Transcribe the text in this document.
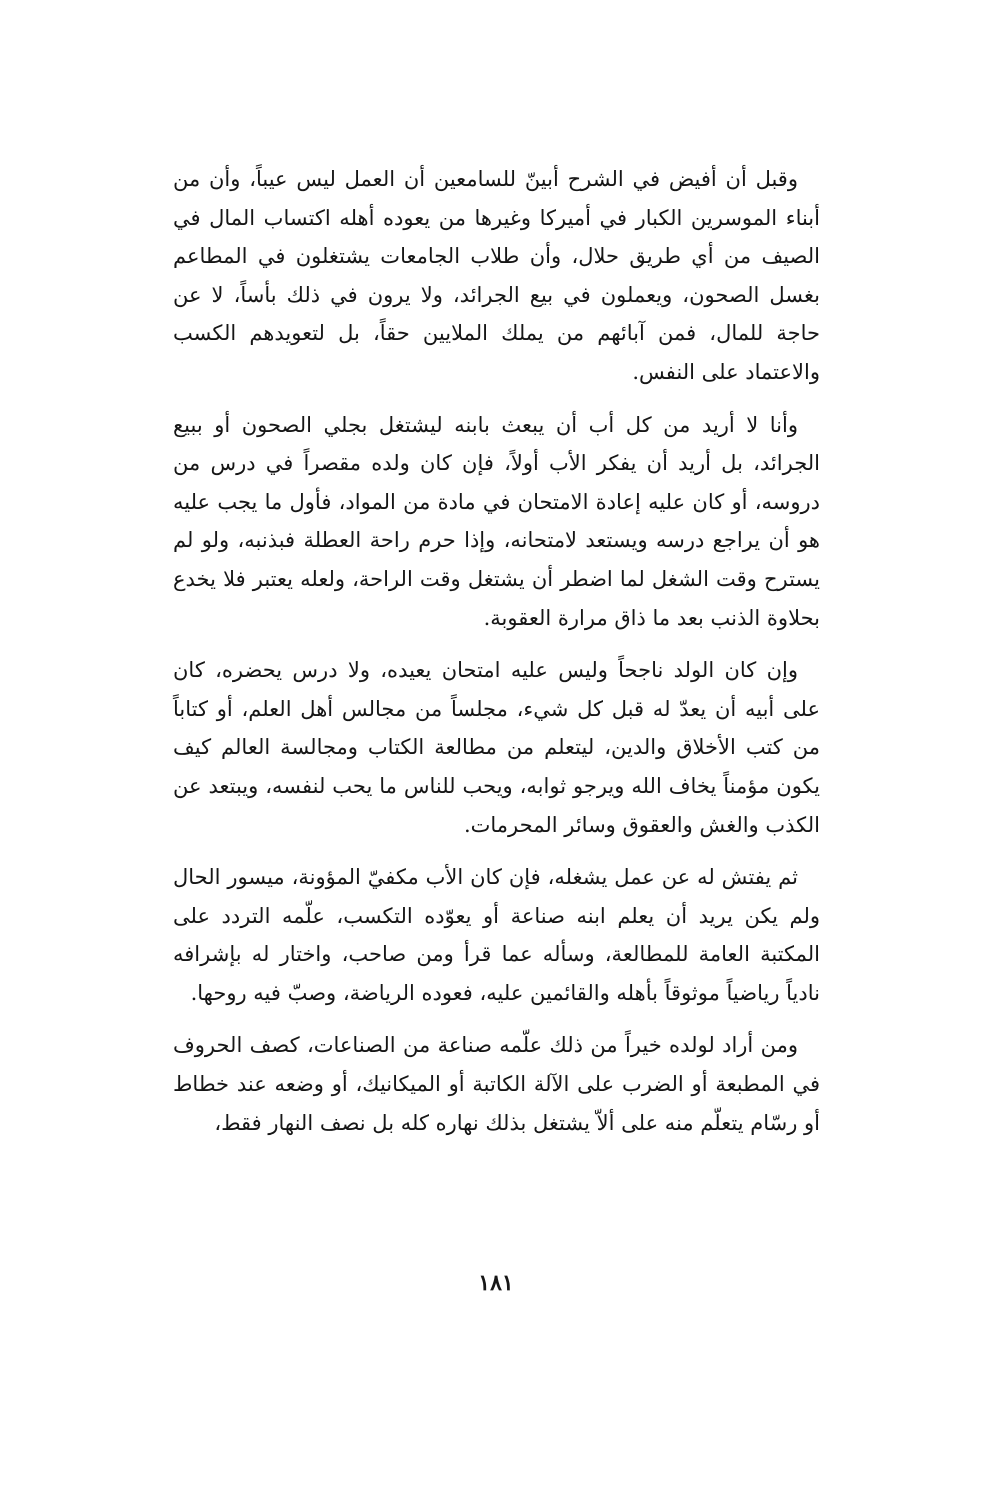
وقبل أن أفيض في الشرح أبينّ للسامعين أن العمل ليس عيباً، وأن من أبناء الموسرين الكبار في أميركا وغيرها من يعوده أهله اكتساب المال في الصيف من أي طريق حلال، وأن طلاب الجامعات يشتغلون في المطاعم بغسل الصحون، ويعملون في بيع الجرائد، ولا يرون في ذلك بأساً، لا عن حاجة للمال، فمن آبائهم من يملك الملايين حقاً، بل لتعويدهم الكسب والاعتماد على النفس.

وأنا لا أريد من كل أب أن يبعث بابنه ليشتغل بجلي الصحون أو ببيع الجرائد، بل أريد أن يفكر الأب أولاً، فإن كان ولده مقصراً في درس من دروسه، أو كان عليه إعادة الامتحان في مادة من المواد، فأول ما يجب عليه هو أن يراجع درسه ويستعد لامتحانه، وإذا حرم راحة العطلة فبذنبه، ولو لم يسترح وقت الشغل لما اضطر أن يشتغل وقت الراحة، ولعله يعتبر فلا يخدع بحلاوة الذنب بعد ما ذاق مرارة العقوبة.

وإن كان الولد ناجحاً وليس عليه امتحان يعيده، ولا درس يحضره، كان على أبيه أن يعدّ له قبل كل شيء، مجلساً من مجالس أهل العلم، أو كتاباً من كتب الأخلاق والدين، ليتعلم من مطالعة الكتاب ومجالسة العالم كيف يكون مؤمناً يخاف الله ويرجو ثوابه، ويحب للناس ما يحب لنفسه، ويبتعد عن الكذب والغش والعقوق وسائر المحرمات.

ثم يفتش له عن عمل يشغله، فإن كان الأب مكفيّ المؤونة، ميسور الحال ولم يكن يريد أن يعلم ابنه صناعة أو يعوّده التكسب، علّمه التردد على المكتبة العامة للمطالعة، وسأله عما قرأ ومن صاحب، واختار له بإشرافه نادياً رياضياً موثوقاً بأهله والقائمين عليه، فعوده الرياضة، وصبّ فيه روحها.

ومن أراد لولده خيراً من ذلك علّمه صناعة من الصناعات، كصف الحروف في المطبعة أو الضرب على الآلة الكاتبة أو الميكانيك، أو وضعه عند خطاط أو رسّام يتعلّم منه على ألاّ يشتغل بذلك نهاره كله بل نصف النهار فقط،

١٨١
